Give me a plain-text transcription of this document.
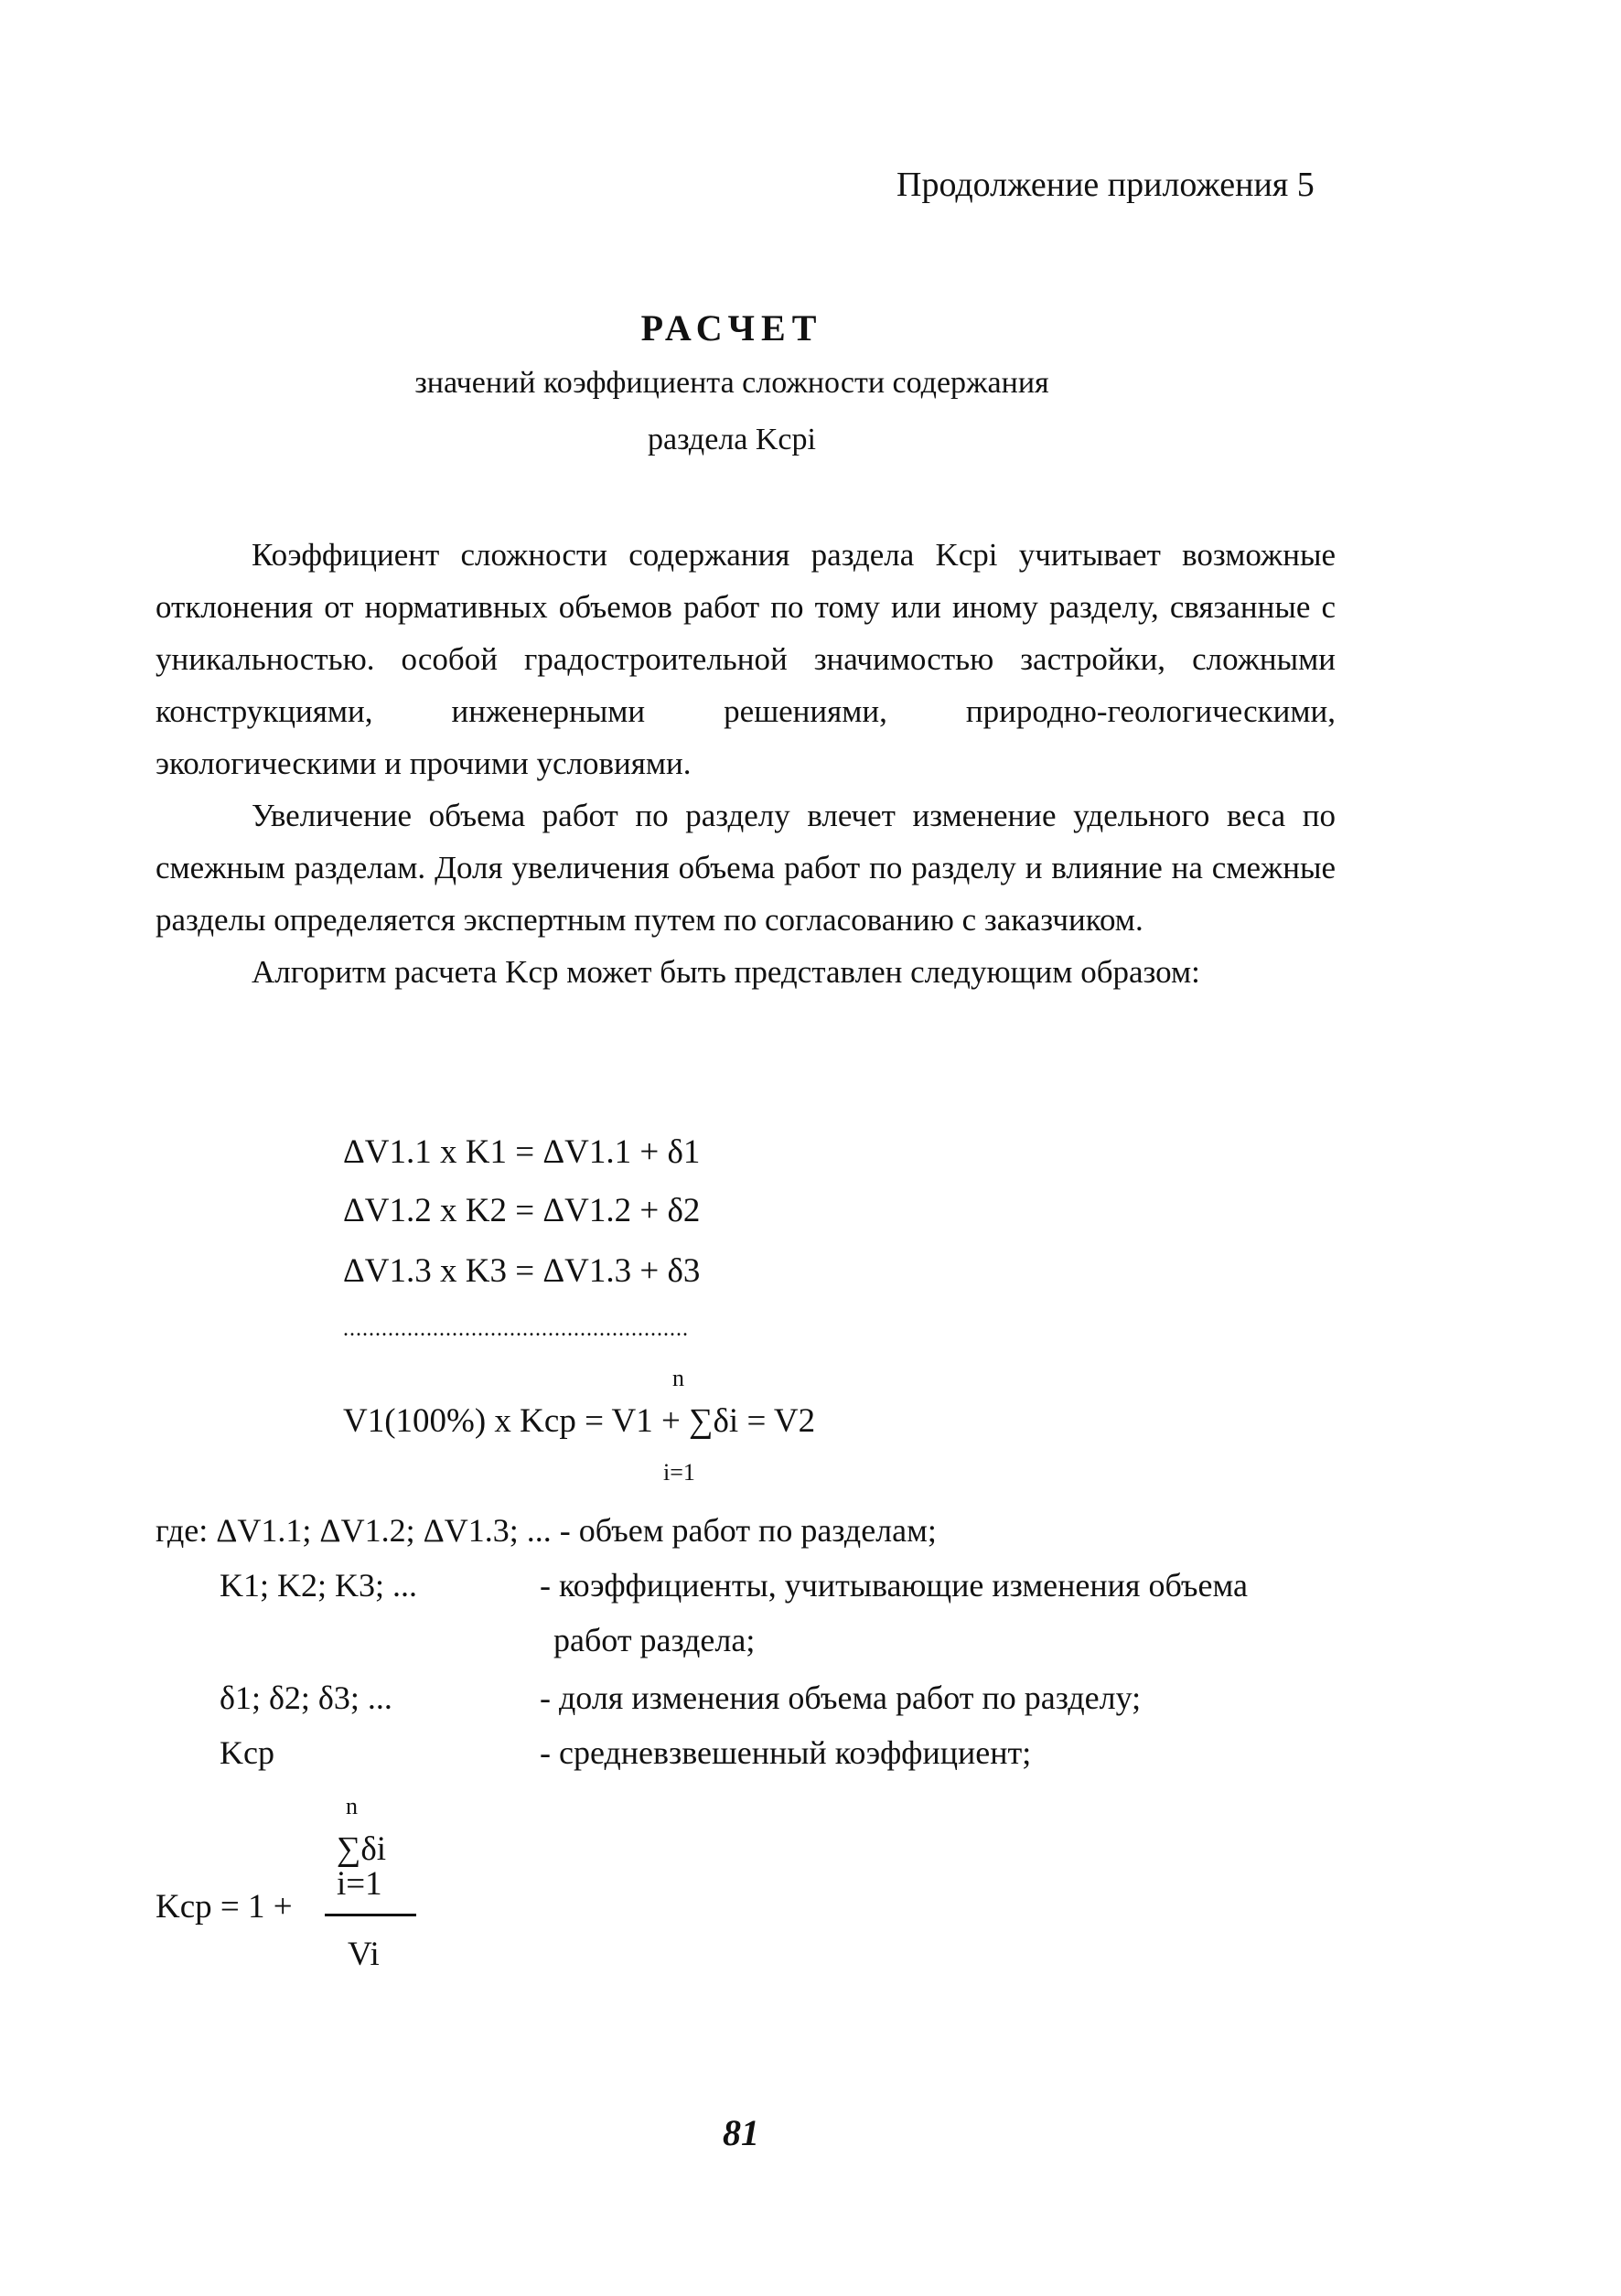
Продолжение приложения 5
РАСЧЕТ
значений коэффициента сложности содержания
раздела Kcpi

Коэффициент сложности содержания раздела Kcpi учитывает возможные отклонения от нормативных объемов работ по тому или иному разделу, связанные с уникальностью. особой градостроительной значимостью застройки, сложными конструкциями, инженерными решениями, природно-геологическими, экологическими и прочими условиями.

Увеличение объема работ по разделу влечет изменение удельного веса по смежным разделам. Доля увеличения объема работ по разделу и влияние на смежные разделы определяется экспертным путем по согласованию с заказчиком.

Алгоритм расчета Kcp может быть представлен следующим образом:

ΔV1.1 x K1 = ΔV1.1 + δ1
ΔV1.2 x K2 = ΔV1.2 + δ2
ΔV1.3 x K3 = ΔV1.3 + δ3
......................................................
n
V1(100%) x Kcp = V1 + ∑δi = V2
i=1
где: ΔV1.1; ΔV1.2; ΔV1.3; ... - объем работ по разделам;
K1; K2; K3; ...	- коэффициенты, учитывающие изменения объема
работ раздела;
δ1; δ2; δ3; ...	- доля изменения объема работ по разделу;
Kcp	- средневзвешенный коэффициент;
n
∑δi
i=1
Kcp = 1 +
Vi
81
